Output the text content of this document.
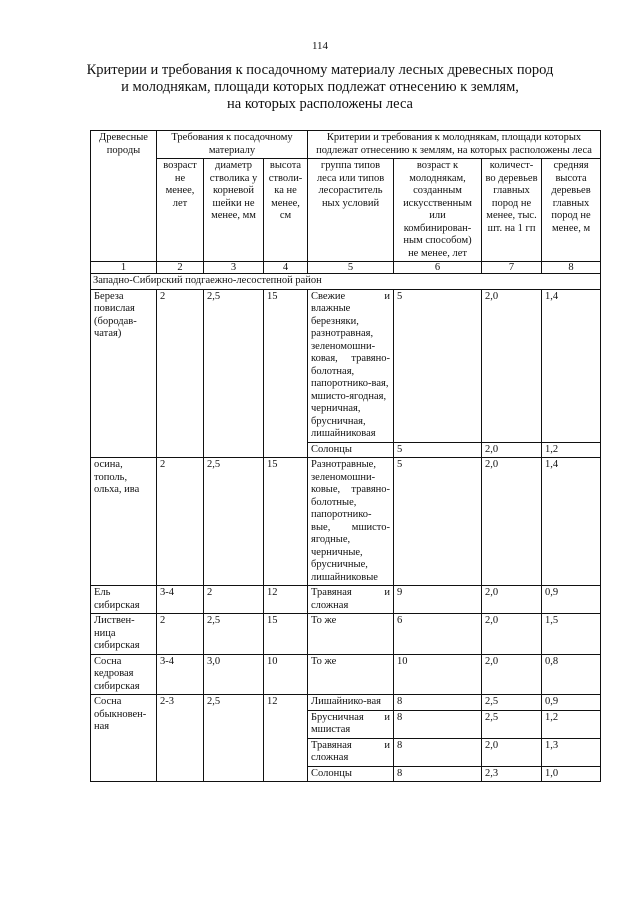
114
Критерии и требования к посадочному материалу лесных древесных пород
и молоднякам, площади которых подлежат отнесению к землям,
на которых расположены леса
Древесные породы	Требования к посадочному материалу			Критерии и требования к молоднякам, площади которых подлежат отнесению к землям, на которых расположены леса			
	возраст не менее, лет	диаметр стволика у корневой шейки не менее, мм	высота стволи-ка не менее, см	группа типов леса или типов лесораститель ных условий	возраст к молоднякам, созданным искусственным или комбинирован-ным способом) не менее, лет	количест-во деревьев главных пород не менее, тыс. шт. на 1 гп	средняя высота деревьев главных пород не менее, м
1	2	3	4	5	6	7	8
Западно-Сибирский подгаежно-лесостепной район							
Береза повислая (бородав-чатая)	2	2,5	15	Свежие и влажные березняки, разнотравная, зеленомошни-ковая, травяно-болотная, папоротнико-вая, мшисто-ягодная, черничная, брусничная, лишайниковая	5	2,0	1,4
				Солонцы	5	2,0	1,2
осина, тополь, ольха, ива	2	2,5	15	Разнотравные, зеленомошни-ковые, травяно-болотные, папоротнико-вые, мшисто-ягодные, черничные, брусничные, лишайниковые	5	2,0	1,4
Ель сибирская	3-4	2	12	Травяная и сложная	9	2,0	0,9
Листвен-ница сибирская	2	2,5	15	То же	6	2,0	1,5
Сосна кедровая сибирская	3-4	3,0	10	То же	10	2,0	0,8
Сосна обыкновен-ная	2-3	2,5	12	Лишайнико-вая	8	2,5	0,9
				Брусничная и мшистая	8	2,5	1,2
				Травяная и сложная	8	2,0	1,3
				Солонцы	8	2,3	1,0
